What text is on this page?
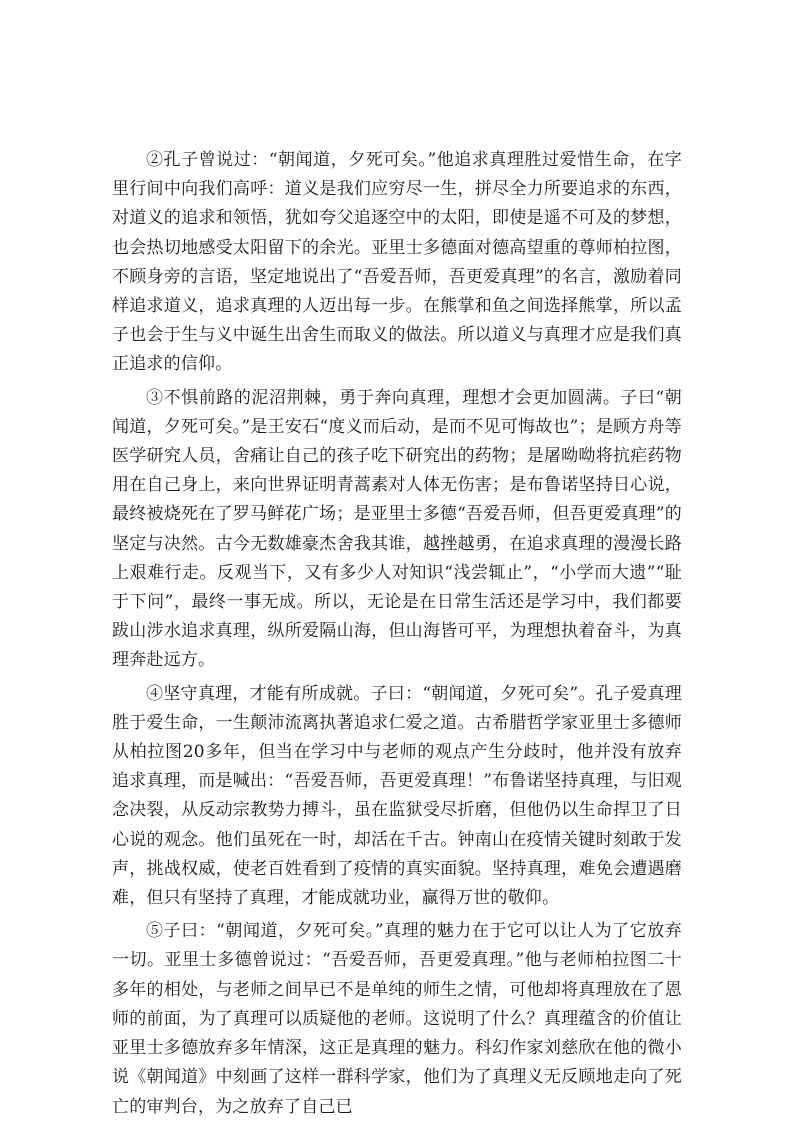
②孔子曾说过：“朝闻道，夕死可矣。”他追求真理胜过爱惜生命，在字里行间中向我们高呼：道义是我们应穷尽一生，拼尽全力所要追求的东西，对道义的追求和领悟，犹如夸父追逐空中的太阳，即使是遥不可及的梦想，也会热切地感受太阳留下的余光。亚里士多德面对德高望重的尊师柏拉图，不顾身旁的言语，坚定地说出了“吾爱吾师，吾更爱真理”的名言，激励着同样追求道义，追求真理的人迈出每一步。在熊掌和鱼之间选择熊掌，所以孟子也会于生与义中诞生出舍生而取义的做法。所以道义与真理才应是我们真正追求的信仰。

③不惧前路的泥沼荆棘，勇于奔向真理，理想才会更加圆满。子曰“朝闻道，夕死可矣。”是王安石“度义而后动，是而不见可悔故也”；是顾方舟等医学研究人员，舍痛让自己的孩子吃下研究出的药物；是屠呦呦将抗疟药物用在自己身上，来向世界证明青蒿素对人体无伤害；是布鲁诺坚持日心说，最终被烧死在了罗马鲜花广场；是亚里士多德“吾爱吾师，但吾更爱真理”的坚定与决然。古今无数雄豪杰舍我其谁，越挫越勇，在追求真理的漫漫长路上艰难行走。反观当下，又有多少人对知识“浅尝辄止”，“小学而大遗”“耻于下问”，最终一事无成。所以，无论是在日常生活还是学习中，我们都要跋山涉水追求真理，纵所爱隔山海，但山海皆可平，为理想执着奋斗，为真理奔赴远方。

④坚守真理，才能有所成就。子曰：“朝闻道，夕死可矣”。孔子爱真理胜于爱生命，一生颠沛流离执著追求仁爱之道。古希腊哲学家亚里士多德师从柏拉图20多年，但当在学习中与老师的观点产生分歧时，他并没有放弃追求真理，而是喊出：“吾爱吾师，吾更爱真理！”布鲁诺坚持真理，与旧观念决裂，从反动宗教势力搏斗，虽在监狱受尽折磨，但他仍以生命捍卫了日心说的观念。他们虽死在一时，却活在千古。钟南山在疫情关键时刻敢于发声，挑战权威，使老百姓看到了疫情的真实面貌。坚持真理，难免会遭遇磨难，但只有坚持了真理，才能成就功业，赢得万世的敬仰。

⑤子曰：“朝闻道，夕死可矣。”真理的魅力在于它可以让人为了它放弃一切。亚里士多德曾说过：“吾爱吾师，吾更爱真理。”他与老师柏拉图二十多年的相处，与老师之间早已不是单纯的师生之情，可他却将真理放在了恩师的前面，为了真理可以质疑他的老师。这说明了什么？真理蕴含的价值让亚里士多德放弃多年情深，这正是真理的魅力。科幻作家刘慈欣在他的微小说《朝闻道》中刻画了这样一群科学家，他们为了真理义无反顾地走向了死亡的审判台，为之放弃了自己已
